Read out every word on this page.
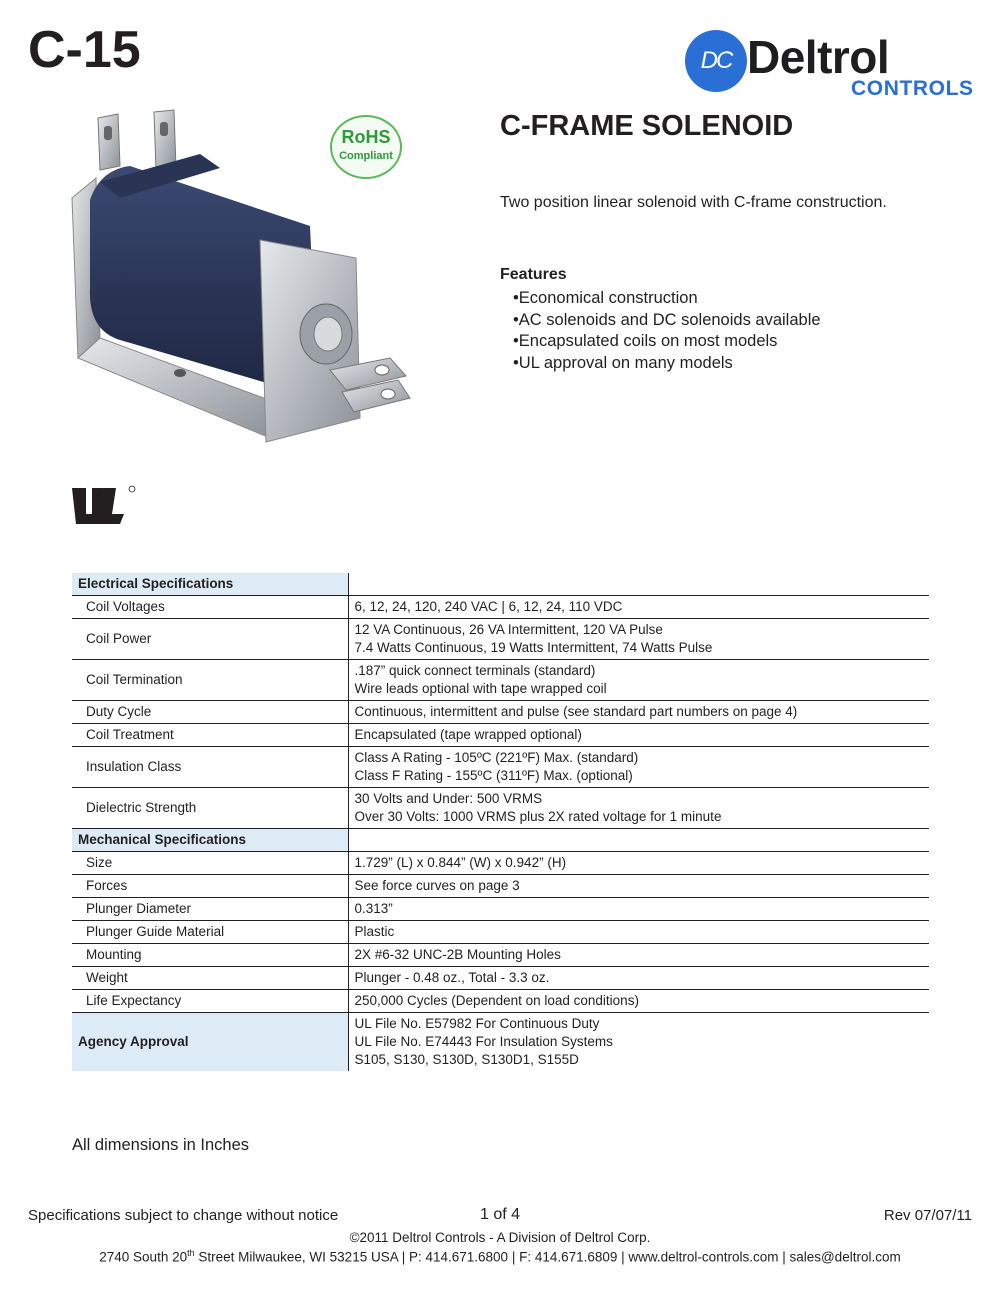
C-15	DC Deltrol
CONTROLS
RoHS
Compliant
C-FRAME SOLENOID
Two position linear solenoid with C-frame construction.
Features
• Economical construction
• AC solenoids and DC solenoids available
• Encapsulated coils on most models
• UL approval on many models
Electrical Specifications	
Coil Voltages	6, 12, 24, 120, 240 VAC | 6, 12, 24, 110 VDC

Coil Power	12 VA Continuous, 26 VA Intermittent, 120 VA Pulse
7.4 Watts Continuous, 19 Watts Intermittent, 74 Watts Pulse

Coil Termination	.187” quick connect terminals (standard)
Wire leads optional with tape wrapped coil

Duty Cycle	Continuous, intermittent and pulse (see standard part numbers on page 4)

Coil Treatment	Encapsulated (tape wrapped optional)

Insulation Class	Class A Rating - 105ºC (221ºF) Max. (standard)
Class F Rating - 155ºC (311ºF) Max. (optional)

Dielectric Strength	30 Volts and Under: 500 VRMS
Over 30 Volts: 1000 VRMS plus 2X rated voltage for 1 minute

Mechanical Specifications	
Size	1.729” (L) x 0.844” (W) x 0.942” (H)

Forces	See force curves on page 3

Plunger Diameter	0.313”

Plunger Guide Material	Plastic

Mounting	2X #6-32 UNC-2B Mounting Holes

Weight	Plunger - 0.48 oz., Total - 3.3 oz.

Life Expectancy	250,000 Cycles (Dependent on load conditions)

Agency Approval	UL File No. E57982 For Continuous Duty
UL File No. E74443 For Insulation Systems
S105, S130, S130D, S130D1, S155D
All dimensions in Inches
Specifications subject to change without notice	1 of 4	Rev 07/07/11
©2011 Deltrol Controls - A Division of Deltrol Corp.
2740 South 20th Street Milwaukee, WI 53215 USA | P: 414.671.6800 | F: 414.671.6809 | www.deltrol-controls.com | sales@deltrol.com
